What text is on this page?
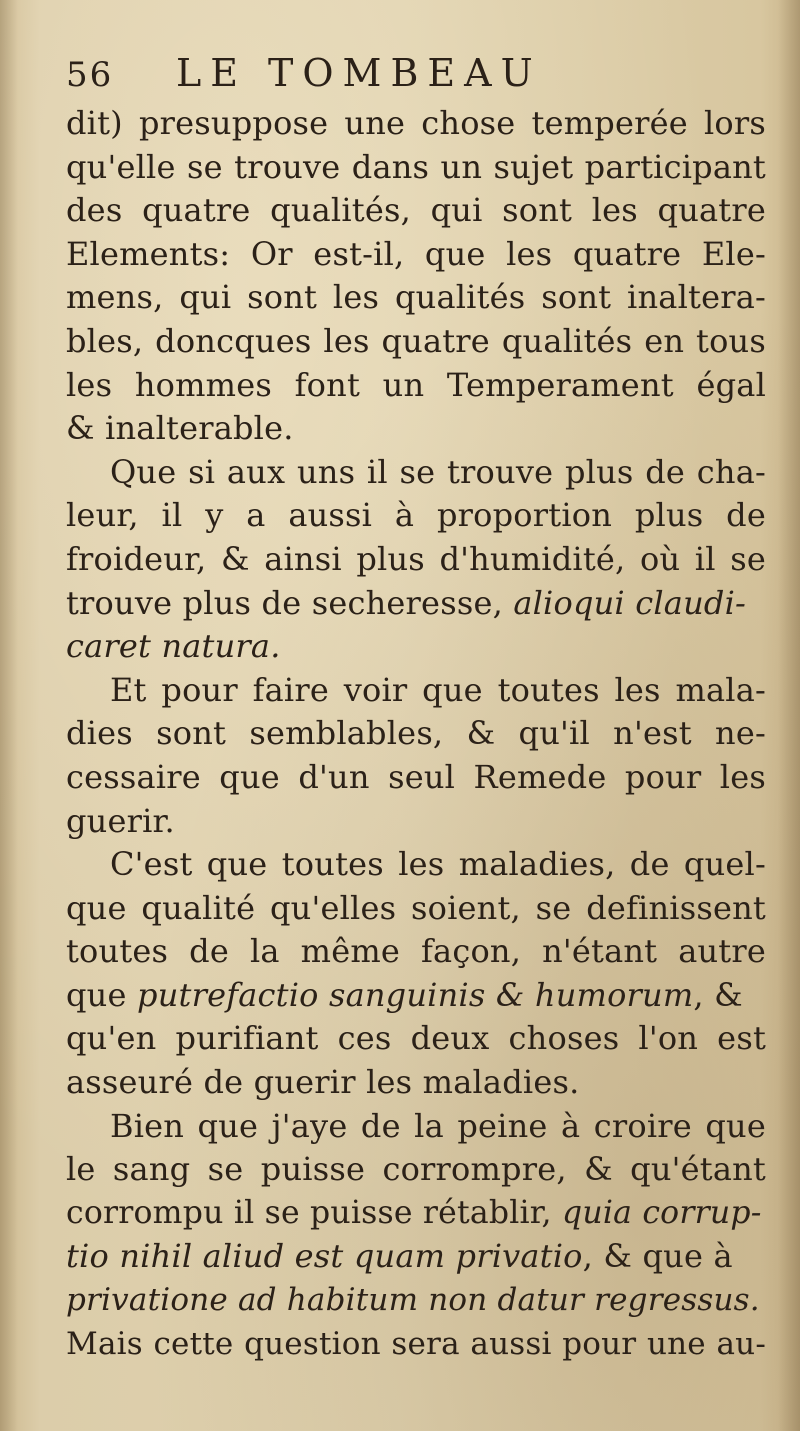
56	LE TOMBEAU
dit) presuppose une chose temperée lors
qu'elle se trouve dans un sujet participant
des quatre qualités, qui sont les quatre
Elements: Or est-il, que les quatre Ele-
mens, qui sont les qualités sont inaltera-
bles, doncques les quatre qualités en tous
les hommes font un Temperament égal
& inalterable.
Que si aux uns il se trouve plus de cha-
leur, il y a aussi à proportion plus de
froideur, & ainsi plus d'humidité, où il se
trouve plus de secheresse, alioqui claudi-
caret natura.
Et pour faire voir que toutes les mala-
dies sont semblables, & qu'il n'est ne-
cessaire que d'un seul Remede pour les
guerir.
C'est que toutes les maladies, de quel-
que qualité qu'elles soient, se definissent
toutes de la même façon, n'étant autre
que putrefactio sanguinis & humorum, &
qu'en purifiant ces deux choses l'on est
asseuré de guerir les maladies.
Bien que j'aye de la peine à croire que
le sang se puisse corrompre, & qu'étant
corrompu il se puisse rétablir, quia corrup-
tio nihil aliud est quam privatio, & que à
privatione ad habitum non datur regressus.
Mais cette question sera aussi pour une au-
